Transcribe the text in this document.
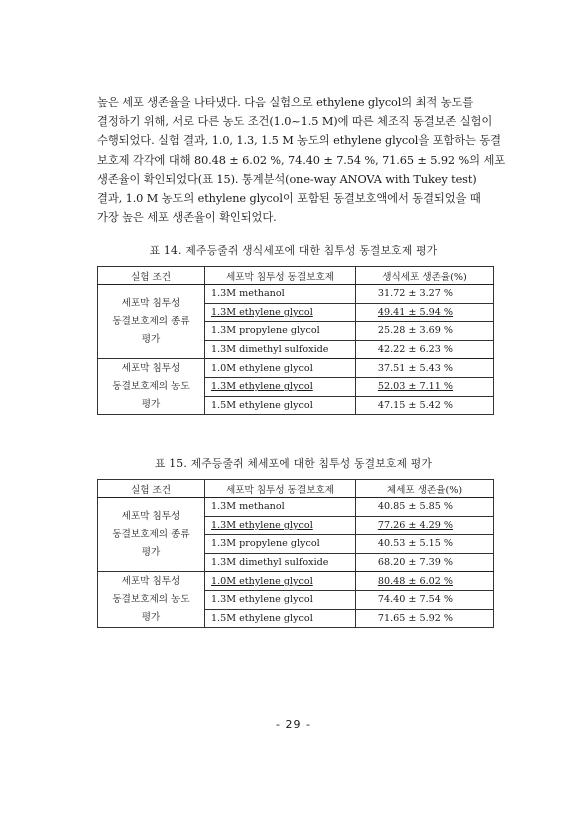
높은 세포 생존율을 나타냈다. 다음 실험으로 ethylene glycol의 최적 농도를
결정하기 위해, 서로 다른 농도 조건(1.0~1.5 M)에 따른 체조직 동결보존 실험이
수행되었다. 실험 결과, 1.0, 1.3, 1.5 M 농도의 ethylene glycol을 포함하는 동결
보호제 각각에 대해 80.48 ± 6.02 %, 74.40 ± 7.54 %, 71.65 ± 5.92 %의 세포
생존율이 확인되었다(표 15). 통계분석(one-way ANOVA with Tukey test)
결과, 1.0 M 농도의 ethylene glycol이 포함된 동결보호액에서 동결되었을 때
가장 높은 세포 생존율이 확인되었다.
표 14. 제주등줄쥐 생식세포에 대한 침투성 동결보호제 평가
실험 조건	세포막 침투성 동결보호제	생식세포 생존율(%)
세포막 침투성
동결보호제의 종류
평가	1.3M methanol	31.72 ± 3.27 %
	1.3M ethylene glycol	49.41 ± 5.94 %
	1.3M propylene glycol	25.28 ± 3.69 %
	1.3M dimethyl sulfoxide	42.22 ± 6.23 %
세포막 침투성
동결보호제의 농도
평가	1.0M ethylene glycol	37.51 ± 5.43 %
	1.3M ethylene glycol	52.03 ± 7.11 %
	1.5M ethylene glycol	47.15 ± 5.42 %
표 15. 제주등줄쥐 체세포에 대한 침투성 동결보호제 평가
실험 조건	세포막 침투성 동결보호제	체세포 생존율(%)
세포막 침투성
동결보호제의 종류
평가	1.3M methanol	40.85 ± 5.85 %
	1.3M ethylene glycol	77.26 ± 4.29 %
	1.3M propylene glycol	40.53 ± 5.15 %
	1.3M dimethyl sulfoxide	68.20 ± 7.39 %
세포막 침투성
동결보호제의 농도
평가	1.0M ethylene glycol	80.48 ± 6.02 %
	1.3M ethylene glycol	74.40 ± 7.54 %
	1.5M ethylene glycol	71.65 ± 5.92 %
- 29 -
